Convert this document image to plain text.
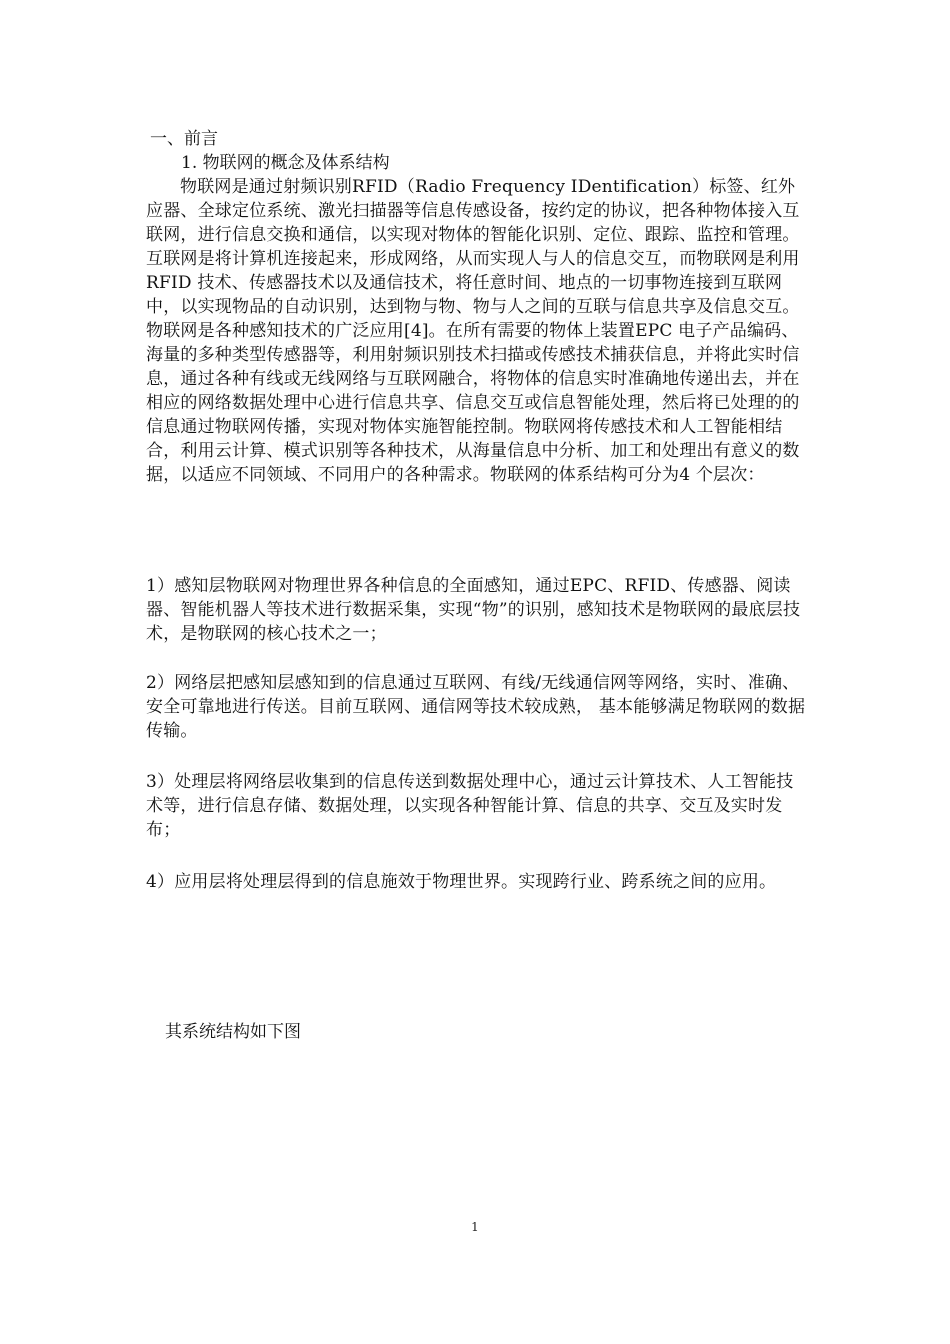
一、前言
1. 物联网的概念及体系结构
物联网是通过射频识别RFID（Radio Frequency IDentification）标签、红外应器、全球定位系统、激光扫描器等信息传感设备，按约定的协议，把各种物体接入互联网，进行信息交换和通信，以实现对物体的智能化识别、定位、跟踪、监控和管理。互联网是将计算机连接起来，形成网络，从而实现人与人的信息交互，而物联网是利用RFID 技术、传感器技术以及通信技术，将任意时间、地点的一切事物连接到互联网中，以实现物品的自动识别，达到物与物、物与人之间的互联与信息共享及信息交互。物联网是各种感知技术的广泛应用[4]。在所有需要的物体上装置EPC 电子产品编码、海量的多种类型传感器等，利用射频识别技术扫描或传感技术捕获信息，并将此实时信息，通过各种有线或无线网络与互联网融合，将物体的信息实时准确地传递出去，并在相应的网络数据处理中心进行信息共享、信息交互或信息智能处理，然后将已处理的的信息通过物联网传播，实现对物体实施智能控制。物联网将传感技术和人工智能相结合，利用云计算、模式识别等各种技术，从海量信息中分析、加工和处理出有意义的数据，以适应不同领域、不同用户的各种需求。物联网的体系结构可分为4 个层次：
1）感知层物联网对物理世界各种信息的全面感知，通过EPC、RFID、传感器、阅读器、智能机器人等技术进行数据采集，实现“物”的识别，感知技术是物联网的最底层技术，是物联网的核心技术之一；
2）网络层把感知层感知到的信息通过互联网、有线/无线通信网等网络，实时、准确、安全可靠地进行传送。目前互联网、通信网等技术较成熟， 基本能够满足物联网的数据传输。
3）处理层将网络层收集到的信息传送到数据处理中心，通过云计算技术、人工智能技术等，进行信息存储、数据处理，以实现各种智能计算、信息的共享、交互及实时发布；
4）应用层将处理层得到的信息施效于物理世界。实现跨行业、跨系统之间的应用。
其系统结构如下图
1
